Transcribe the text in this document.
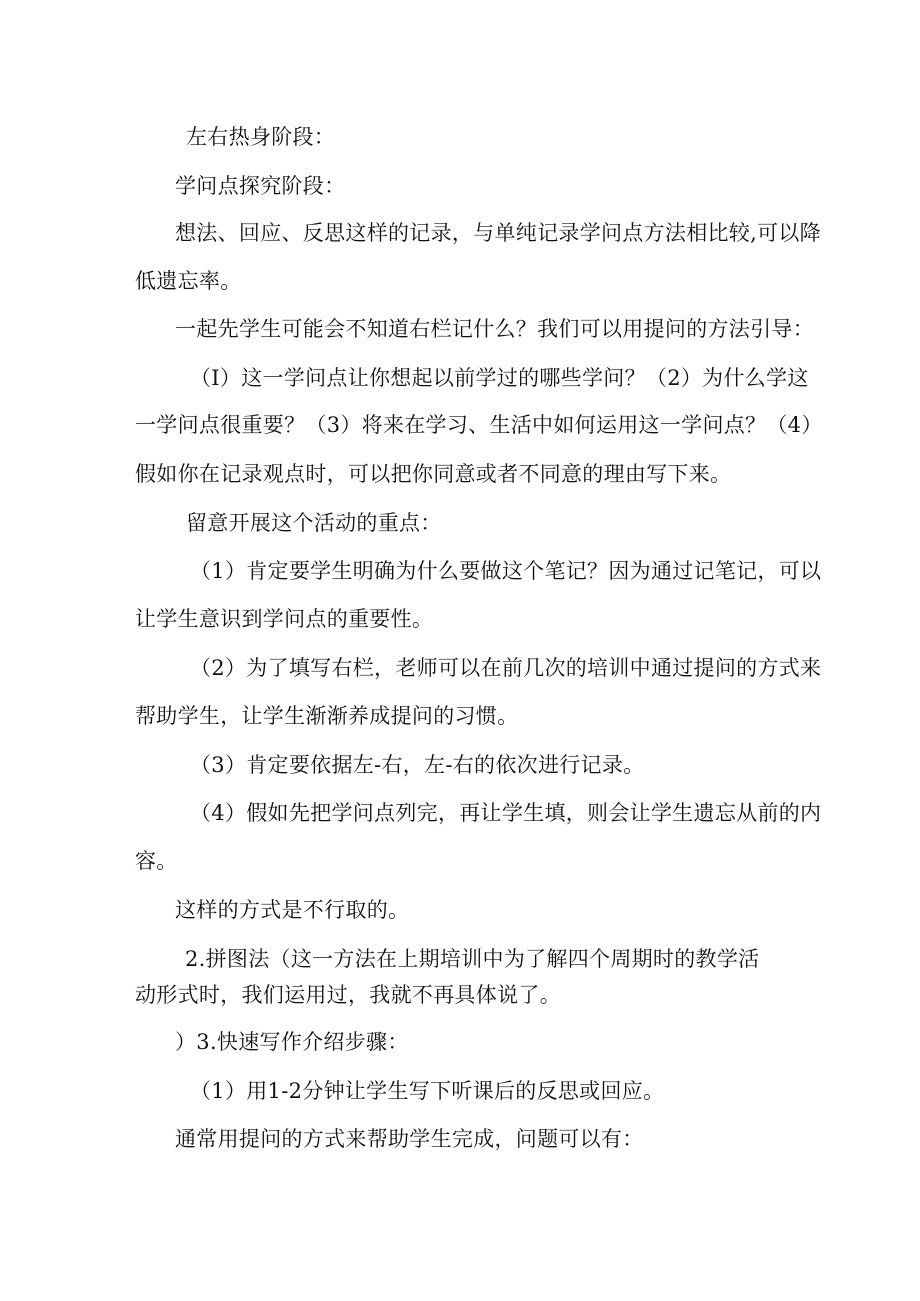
左右热身阶段：
学问点探究阶段：
想法、回应、反思这样的记录，与单纯记录学问点方法相比较,可以降
低遗忘率。
一起先学生可能会不知道右栏记什么？我们可以用提问的方法引导：
（I）这一学问点让你想起以前学过的哪些学问？（2）为什么学这
一学问点很重要？（3）将来在学习、生活中如何运用这一学问点？（4）
假如你在记录观点时，可以把你同意或者不同意的理由写下来。
留意开展这个活动的重点：
（1）肯定要学生明确为什么要做这个笔记？因为通过记笔记，可以
让学生意识到学问点的重要性。
（2）为了填写右栏，老师可以在前几次的培训中通过提问的方式来
帮助学生，让学生渐渐养成提问的习惯。
（3）肯定要依据左-右，左-右的依次进行记录。
（4）假如先把学问点列完，再让学生填，则会让学生遗忘从前的内
容。
这样的方式是不行取的。
2.拼图法（这一方法在上期培训中为了解四个周期时的教学活
动形式时，我们运用过，我就不再具体说了。
）3.快速写作介绍步骤：
（1）用1-2分钟让学生写下听课后的反思或回应。
通常用提问的方式来帮助学生完成，问题可以有：
